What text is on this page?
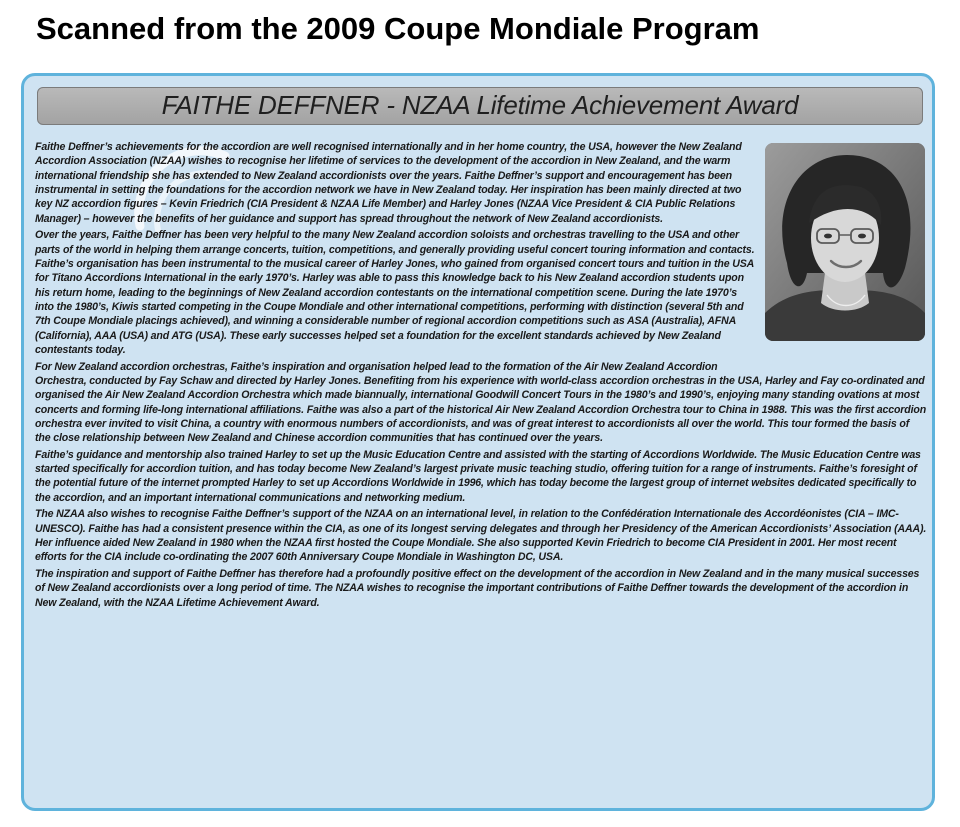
Scanned from the 2009 Coupe Mondiale Program
FAITHE DEFFNER - NZAA Lifetime Achievement Award

Faithe Deffner’s achievements for the accordion are well recognised internationally and in her home country, the USA, however the New Zealand Accordion Association (NZAA) wishes to recognise her lifetime of services to the development of the accordion in New Zealand, and the warm international friendship she has extended to New Zealand accordionists over the years. Faithe Deffner’s support and encouragement has been instrumental in setting the foundations for the accordion network we have in New Zealand today. Her inspiration has been mainly directed at two key NZ accordion figures – Kevin Friedrich (CIA President & NZAA Life Member) and Harley Jones (NZAA Vice President & CIA Public Relations Manager) – however the benefits of her guidance and support has spread throughout the network of New Zealand accordionists.

Over the years, Faithe Deffner has been very helpful to the many New Zealand accordion soloists and orchestras travelling to the USA and other parts of the world in helping them arrange concerts, tuition, competitions, and generally providing useful concert touring information and contacts. Faithe’s organisation has been instrumental to the musical career of Harley Jones, who gained from organised concert tours and tuition in the USA for Titano Accordions International in the early 1970’s. Harley was able to pass this knowledge back to his New Zealand accordion students upon his return home, leading to the beginnings of New Zealand accordion contestants on the international competition scene. During the late 1970’s into the 1980’s, Kiwis started competing in the Coupe Mondiale and other international competitions, performing with distinction (several 5th and 7th Coupe Mondiale placings achieved), and winning a considerable number of regional accordion competitions such as ASA (Australia), AFNA (California), AAA (USA) and ATG (USA). These early successes helped set a foundation for the excellent standards achieved by New Zealand contestants today.

For New Zealand accordion orchestras, Faithe’s inspiration and organisation helped lead to the formation of the Air New Zealand Accordion Orchestra, conducted by Fay Schaw and directed by Harley Jones. Benefiting from his experience with world-class accordion orchestras in the USA, Harley and Fay co-ordinated and organised the Air New Zealand Accordion Orchestra which made biannually, international Goodwill Concert Tours in the 1980’s and 1990’s, enjoying many standing ovations at most concerts and forming life-long international affiliations. Faithe was also a part of the historical Air New Zealand Accordion Orchestra tour to China in 1988. This was the first accordion orchestra ever invited to visit China, a country with enormous numbers of accordionists, and was of great interest to accordionists all over the world. This tour formed the basis of the close relationship between New Zealand and Chinese accordion communities that has continued over the years.

Faithe’s guidance and mentorship also trained Harley to set up the Music Education Centre and assisted with the starting of Accordions Worldwide. The Music Education Centre was started specifically for accordion tuition, and has today become New Zealand’s largest private music teaching studio, offering tuition for a range of instruments. Faithe’s foresight of the potential future of the internet prompted Harley to set up Accordions Worldwide in 1996, which has today become the largest group of internet websites dedicated specifically to the accordion, and an important international communications and networking medium.

The NZAA also wishes to recognise Faithe Deffner’s support of the NZAA on an international level, in relation to the Confédération Internationale des Accordéonistes (CIA – IMC-UNESCO). Faithe has had a consistent presence within the CIA, as one of its longest serving delegates and through her Presidency of the American Accordionists’ Association (AAA). Her influence aided New Zealand in 1980 when the NZAA first hosted the Coupe Mondiale. She also supported Kevin Friedrich to become CIA President in 2001. Her most recent efforts for the CIA include co-ordinating the 2007 60th Anniversary Coupe Mondiale in Washington DC, USA.

The inspiration and support of Faithe Deffner has therefore had a profoundly positive effect on the development of the accordion in New Zealand and in the many musical successes of New Zealand accordionists over a long period of time. The NZAA wishes to recognise the important contributions of Faithe Deffner towards the development of the accordion in New Zealand, with the NZAA Lifetime Achievement Award.
